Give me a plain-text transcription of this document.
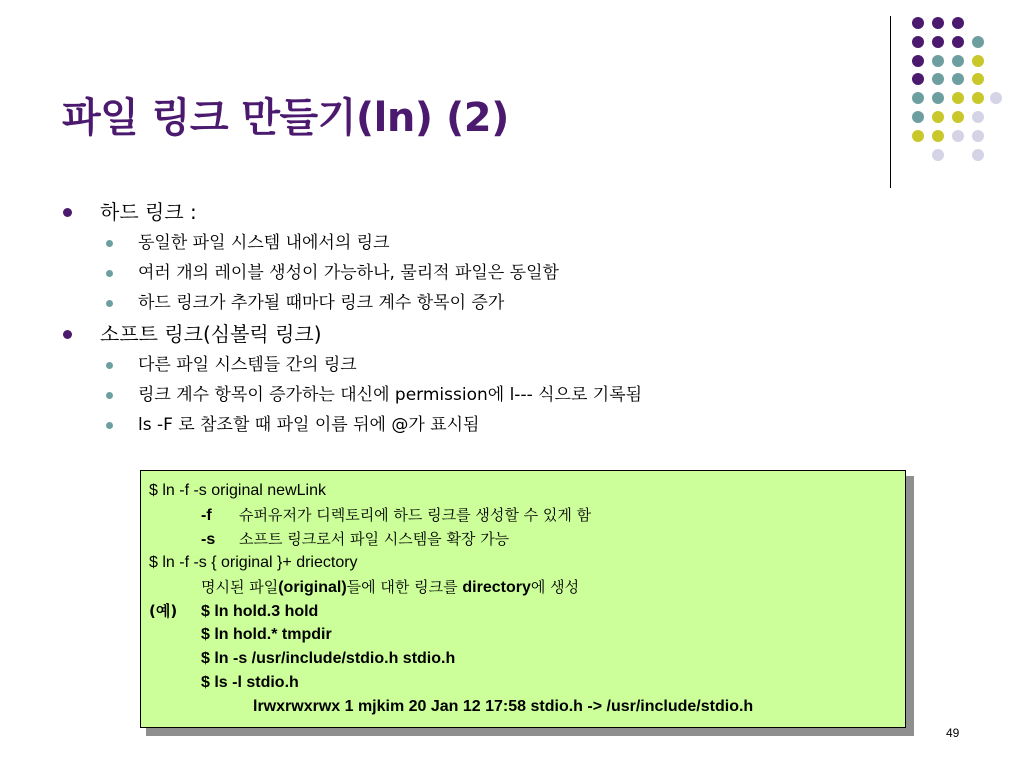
파일 링크 만들기(ln) (2)
하드 링크 :
동일한 파일 시스템 내에서의 링크
여러 개의 레이블 생성이 가능하나, 물리적 파일은 동일함
하드 링크가 추가될 때마다 링크 계수 항목이 증가
소프트 링크(심볼릭 링크)
다른 파일 시스템들 간의 링크
링크 계수 항목이 증가하는 대신에 permission에 l--- 식으로 기록됨
ls -F 로 참조할 때 파일 이름 뒤에 @가 표시됨
$ ln -f -s original newLink
-f 슈퍼유저가 디렉토리에 하드 링크를 생성할 수 있게 함
-s 소프트 링크로서 파일 시스템을 확장 가능
$ ln -f -s { original }+ driectory
명시된 파일(original)들에 대한 링크를 directory에 생성
(예) $ ln hold.3 hold
$ ln hold.* tmpdir
$ ln -s /usr/include/stdio.h stdio.h
$ ls -l stdio.h
lrwxrwxrwx 1 mjkim 20 Jan 12 17:58 stdio.h -> /usr/include/stdio.h
49
